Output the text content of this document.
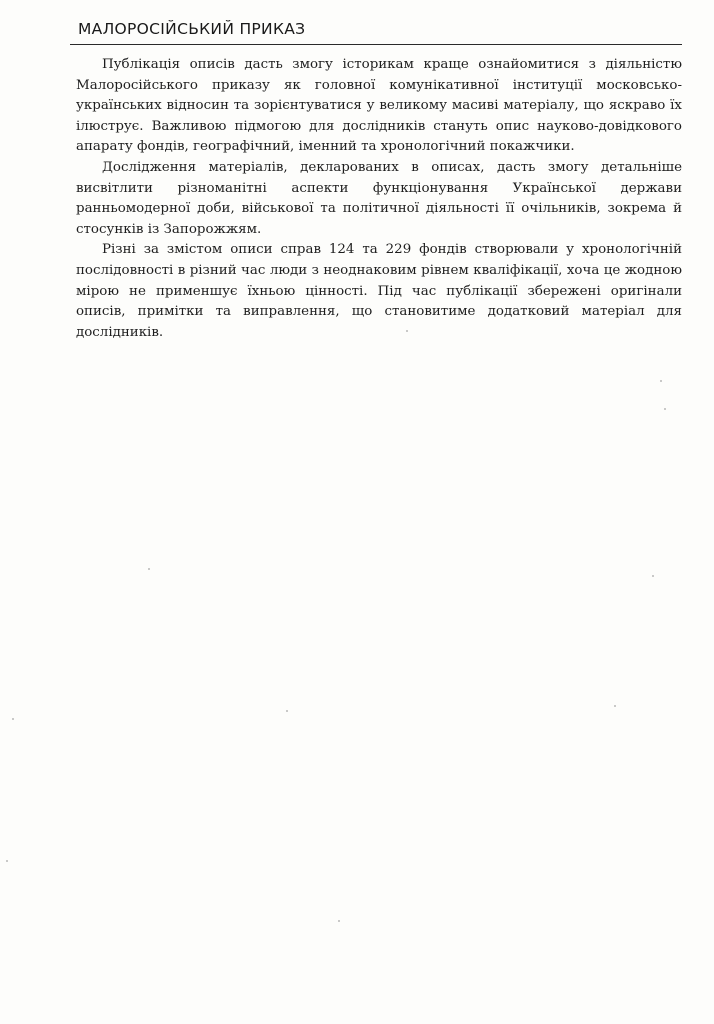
МАЛОРОСІЙСЬКИЙ ПРИКАЗ

Публікація описів дасть змогу історикам краще ознайомитися з діяльністю Малоросійського приказу як головної комунікативної інституції московсько-українських відносин та зорієнтуватися у великому масиві матеріалу, що яскраво їх ілюструє. Важливою підмогою для дослідників стануть опис науково-довідкового апарату фондів, географічний, іменний та хронологічний покажчики.

Дослідження матеріалів, декларованих в описах, дасть змогу детальніше висвітлити різноманітні аспекти функціонування Української держави ранньомодерної доби, військової та політичної діяльності її очільників, зокрема й стосунків із Запорожжям.

Різні за змістом описи справ 124 та 229 фондів створювали у хронологічній послідовності в різний час люди з неоднаковим рівнем кваліфікації, хоча це жодною мірою не применшує їхньою цінності. Під час публікації збережені оригінали описів, примітки та виправлення, що становитиме додатковий матеріал для дослідників.
